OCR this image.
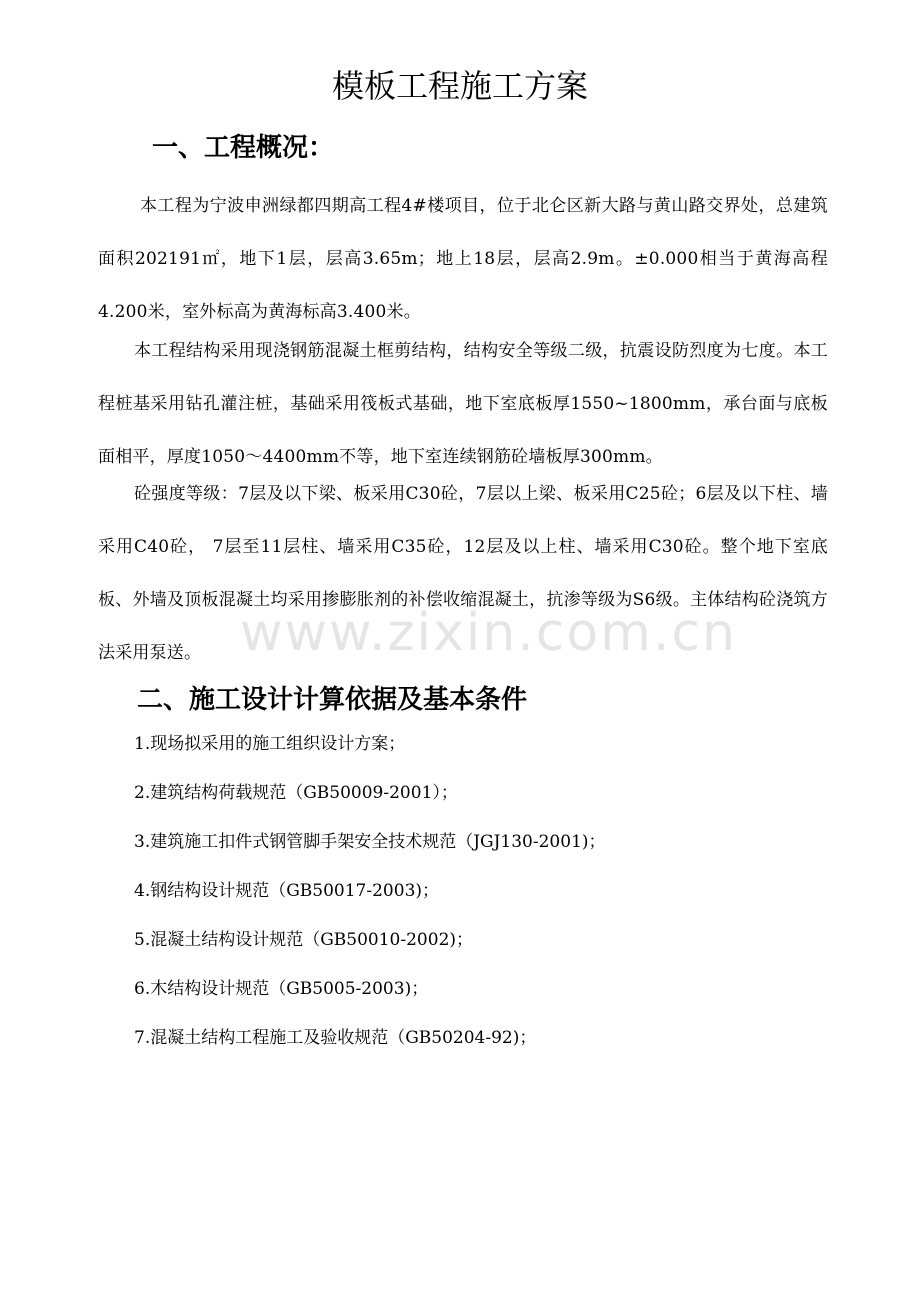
模板工程施工方案
一、工程概况：

本工程为宁波申洲绿都四期高工程4#楼项目，位于北仑区新大路与黄山路交界处，总建筑面积202191㎡，地下1层，层高3.65m；地上18层，层高2.9m。±0.000相当于黄海高程4.200米，室外标高为黄海标高3.400米。

本工程结构采用现浇钢筋混凝土框剪结构，结构安全等级二级，抗震设防烈度为七度。本工程桩基采用钻孔灌注桩，基础采用筏板式基础，地下室底板厚1550~1800mm，承台面与底板面相平，厚度1050～4400mm不等，地下室连续钢筋砼墙板厚300mm。

砼强度等级：7层及以下梁、板采用C30砼，7层以上梁、板采用C25砼；6层及以下柱、墙采用C40砼， 7层至11层柱、墙采用C35砼，12层及以上柱、墙采用C30砼。整个地下室底板、外墙及顶板混凝土均采用掺膨胀剂的补偿收缩混凝土，抗渗等级为S6级。主体结构砼浇筑方法采用泵送。 www.zixin.com.cn
二、施工设计计算依据及基本条件
1.现场拟采用的施工组织设计方案；
2.建筑结构荷载规范（GB50009-2001）；
3.建筑施工扣件式钢管脚手架安全技术规范（JGJ130-2001)；
4.钢结构设计规范（GB50017-2003)；
5.混凝土结构设计规范（GB50010-2002)；
6.木结构设计规范（GB5005-2003)；
7.混凝土结构工程施工及验收规范（GB50204-92)；
